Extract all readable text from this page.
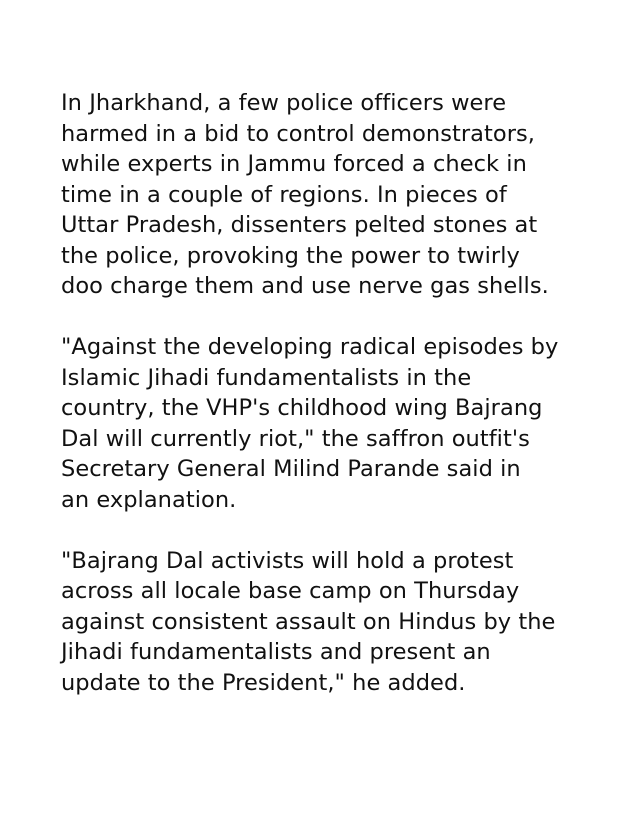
In Jharkhand, a few police officers were
harmed in a bid to control demonstrators,
while experts in Jammu forced a check in
time in a couple of regions. In pieces of
Uttar Pradesh, dissenters pelted stones at
the police, provoking the power to twirly
doo charge them and use nerve gas shells.

"Against the developing radical episodes by
Islamic Jihadi fundamentalists in the
country, the VHP's childhood wing Bajrang
Dal will currently riot," the saffron outfit's
Secretary General Milind Parande said in
an explanation.

"Bajrang Dal activists will hold a protest
across all locale base camp on Thursday
against consistent assault on Hindus by the
Jihadi fundamentalists and present an
update to the President," he added.
